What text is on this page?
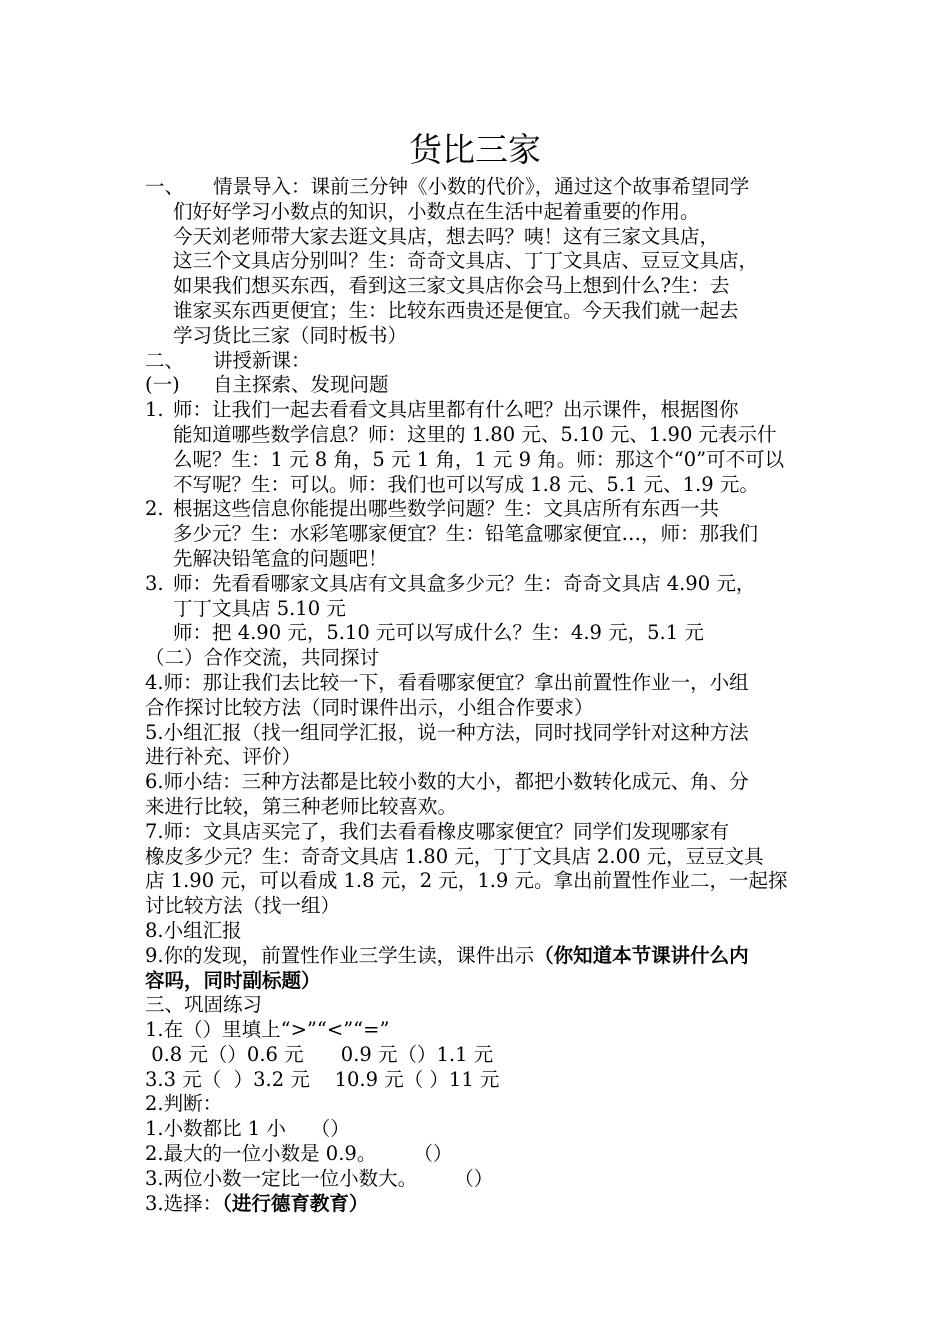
货比三家
一、	情景导入：课前三分钟《小数的代价》，通过这个故事希望同学
们好好学习小数点的知识，小数点在生活中起着重要的作用。
今天刘老师带大家去逛文具店，想去吗？咦！这有三家文具店，
这三个文具店分别叫？生：奇奇文具店、丁丁文具店、豆豆文具店，
如果我们想买东西，看到这三家文具店你会马上想到什么?生：去
谁家买东西更便宜；生：比较东西贵还是便宜。今天我们就一起去
学习货比三家（同时板书）
二、	讲授新课：
(一)	自主探索、发现问题
1. 师：让我们一起去看看文具店里都有什么吧？出示课件，根据图你
能知道哪些数学信息？师：这里的 1.80 元、5.10 元、1.90 元表示什
么呢？生：1 元 8 角，5 元 1 角，1 元 9 角。师：那这个“0”可不可以
不写呢？生：可以。师：我们也可以写成 1.8 元、5.1 元、1.9 元。
2. 根据这些信息你能提出哪些数学问题？生：文具店所有东西一共
多少元？生：水彩笔哪家便宜？生：铅笔盒哪家便宜…，师：那我们
先解决铅笔盒的问题吧！
3. 师：先看看哪家文具店有文具盒多少元？生：奇奇文具店 4.90 元，
丁丁文具店 5.10 元
师：把 4.90 元，5.10 元可以写成什么？生：4.9 元，5.1 元
（二）合作交流，共同探讨
4.师：那让我们去比较一下，看看哪家便宜？拿出前置性作业一，小组
合作探讨比较方法（同时课件出示，小组合作要求）
5.小组汇报（找一组同学汇报，说一种方法，同时找同学针对这种方法
进行补充、评价）
6.师小结：三种方法都是比较小数的大小，都把小数转化成元、角、分
来进行比较，第三种老师比较喜欢。
7.师：文具店买完了，我们去看看橡皮哪家便宜？同学们发现哪家有
橡皮多少元？生：奇奇文具店 1.80 元，丁丁文具店 2.00 元，豆豆文具
店 1.90 元，可以看成 1.8 元，2 元，1.9 元。拿出前置性作业二，一起探
讨比较方法（找一组）
8.小组汇报
9.你的发现，前置性作业三学生读，课件出示（你知道本节课讲什么内
容吗，同时副标题）
三、巩固练习
1.在（）里填上“>”“<”“=”
0.8 元（）0.6 元      0.9 元（）1.1 元
3.3 元（  ）3.2 元    10.9 元（ ）11 元
2.判断：
1.小数都比 1 小    （）
2.最大的一位小数是 0.9。      （）
3.两位小数一定比一位小数大。      （）
3.选择：（进行德育教育）
